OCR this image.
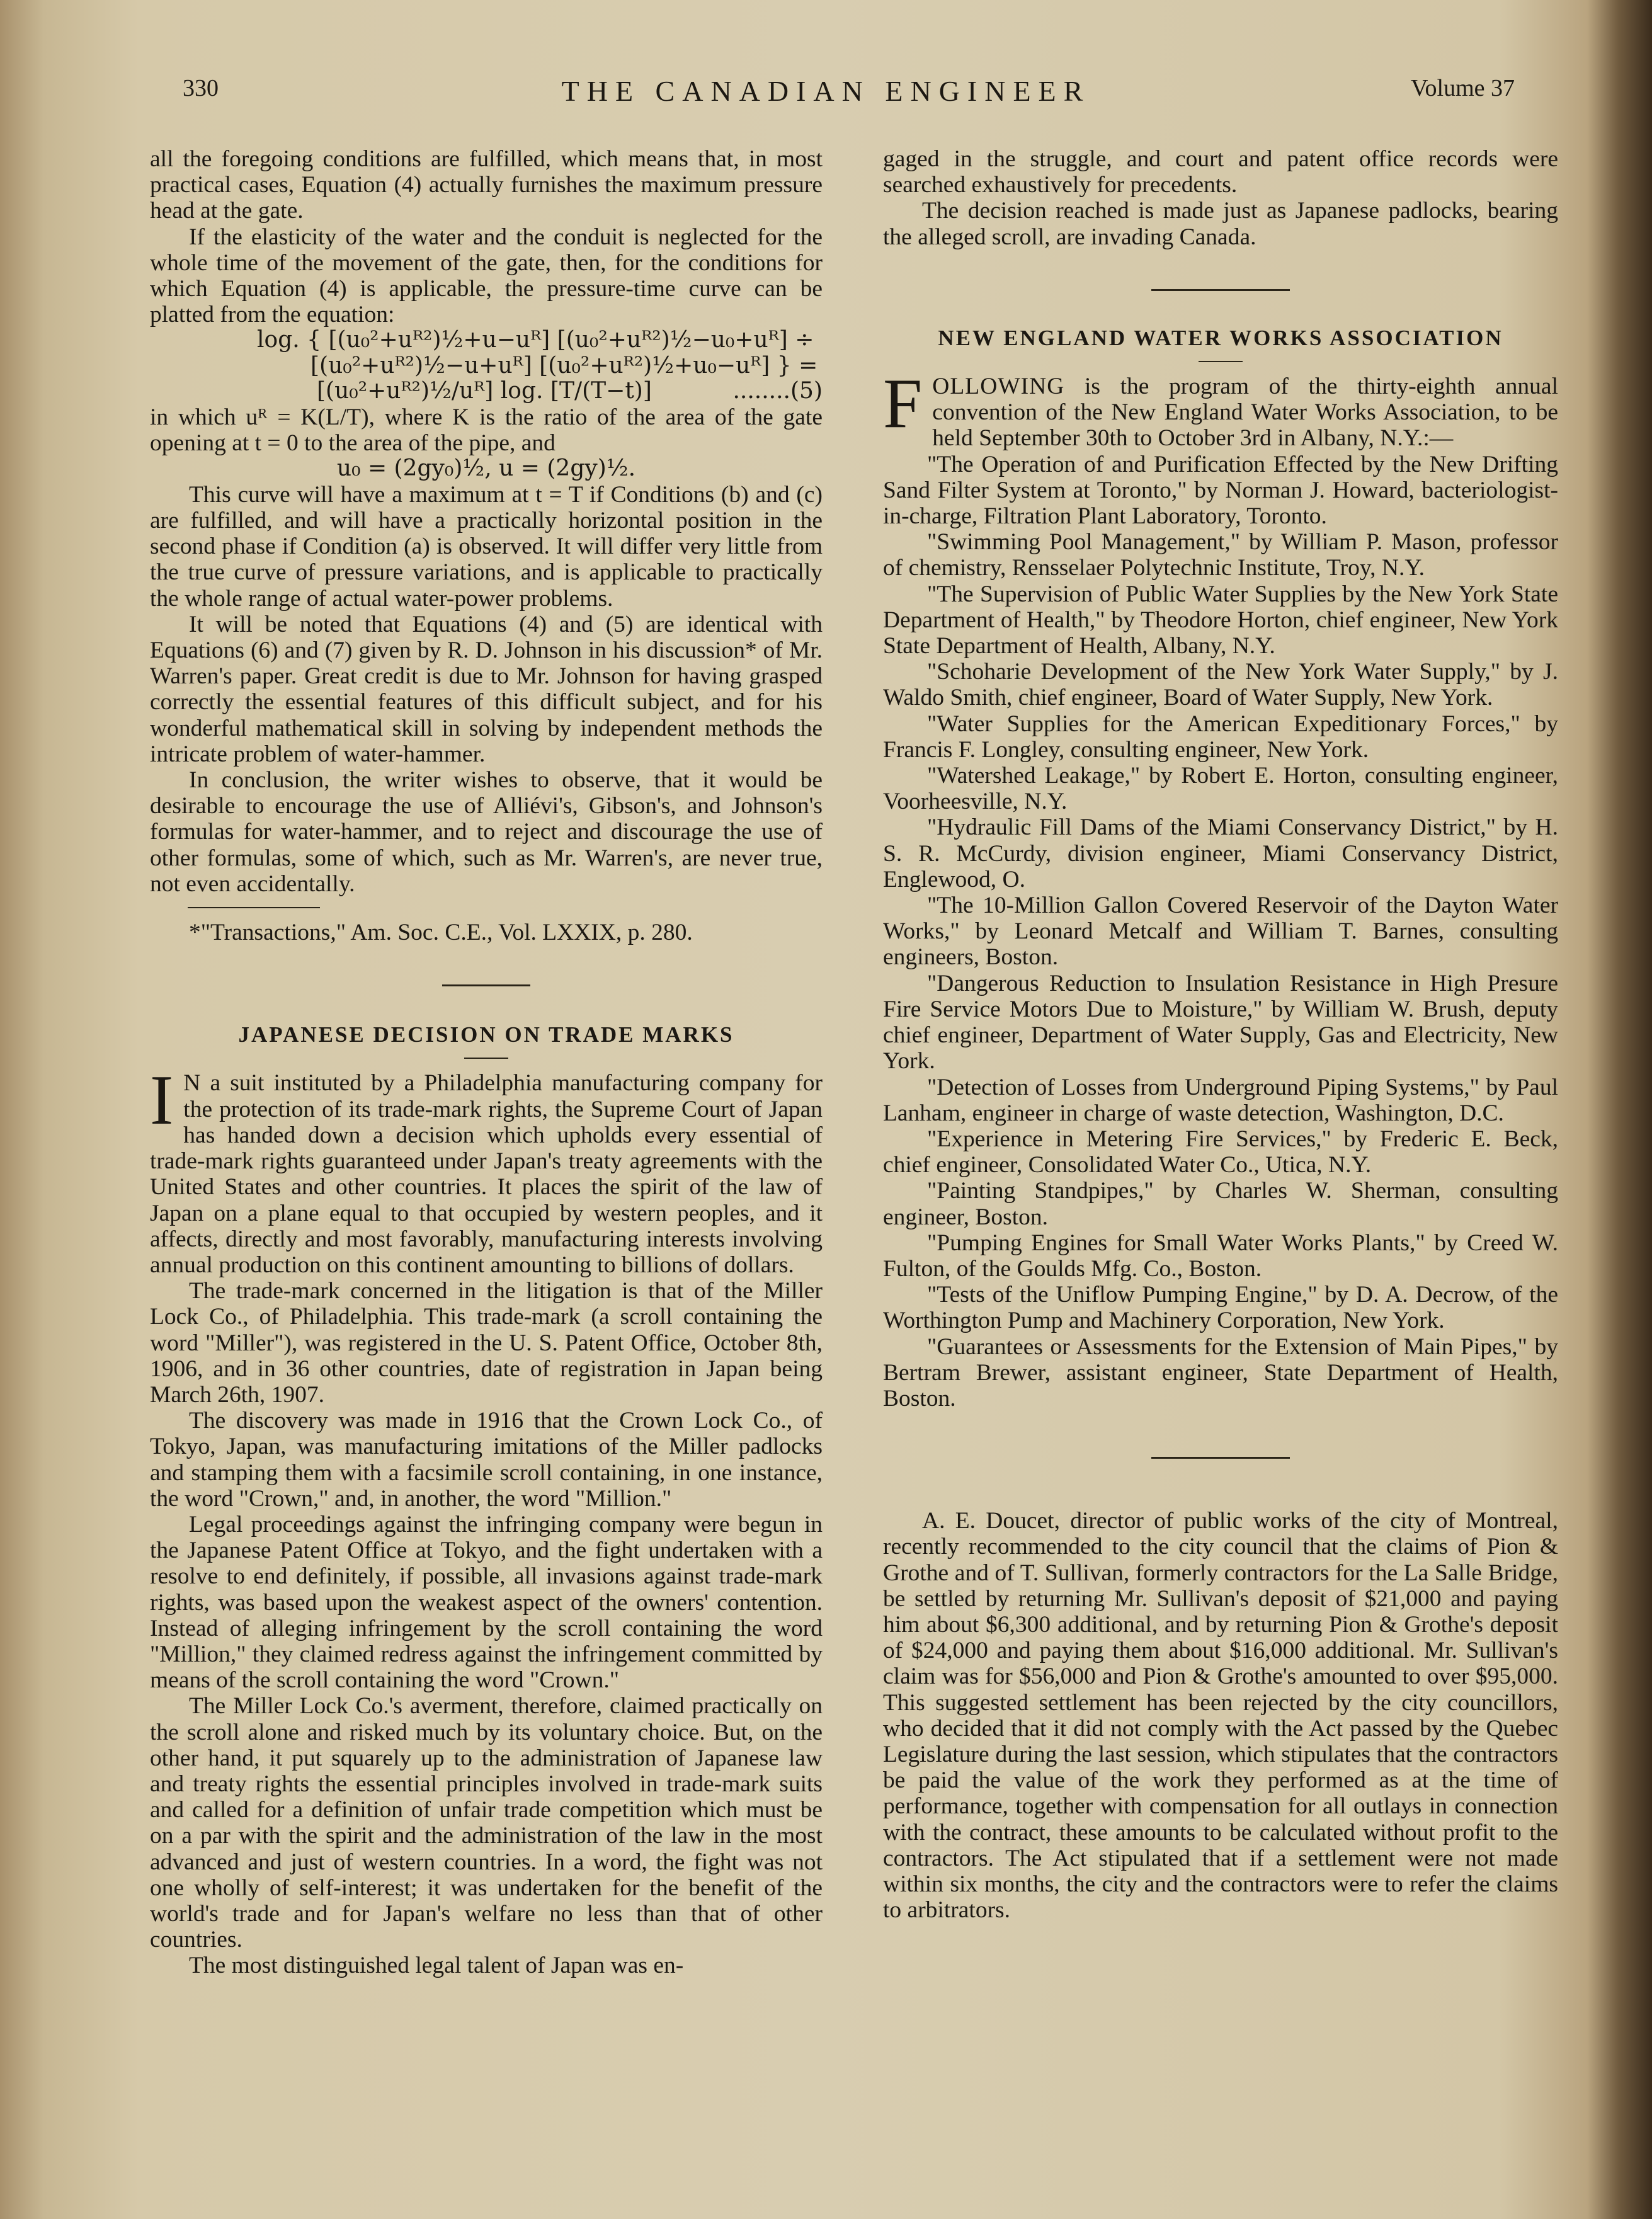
THE CANADIAN ENGINEER
330	Volume 37

all the foregoing conditions are fulfilled, which means that, in most practical cases, Equation (4) actually furnishes the maximum pressure head at the gate.

If the elasticity of the water and the conduit is neglected for the whole time of the movement of the gate, then, for the conditions for which Equation (4) is applicable, the pressure-time curve can be platted from the equation:

log. { [(u₀²+uᴿ²)½+u−uᴿ] [(u₀²+uᴿ²)½−u₀+uᴿ] ÷
[(u₀²+uᴿ²)½−u+uᴿ] [(u₀²+uᴿ²)½+u₀−uᴿ] } =
[(u₀²+uᴿ²)½/uᴿ] log. [T/(T−t)]	........(5)

in which uᴿ = K(L/T), where K is the ratio of the area of the gate opening at t = 0 to the area of the pipe, and

u₀ = (2gy₀)½, u = (2gy)½.

This curve will have a maximum at t = T if Conditions (b) and (c) are fulfilled, and will have a practically horizontal position in the second phase if Condition (a) is observed. It will differ very little from the true curve of pressure variations, and is applicable to practically the whole range of actual water-power problems.

It will be noted that Equations (4) and (5) are identical with Equations (6) and (7) given by R. D. Johnson in his discussion* of Mr. Warren's paper. Great credit is due to Mr. Johnson for having grasped correctly the essential features of this difficult subject, and for his wonderful mathematical skill in solving by independent methods the intricate problem of water-hammer.

In conclusion, the writer wishes to observe, that it would be desirable to encourage the use of Alliévi's, Gibson's, and Johnson's formulas for water-hammer, and to reject and discourage the use of other formulas, some of which, such as Mr. Warren's, are never true, not even accidentally.

*"Transactions," Am. Soc. C.E., Vol. LXXIX, p. 280.

JAPANESE DECISION ON TRADE MARKS

I N a suit instituted by a Philadelphia manufacturing company for the protection of its trade-mark rights, the Supreme Court of Japan has handed down a decision which upholds every essential of trade-mark rights guaranteed under Japan's treaty agreements with the United States and other countries. It places the spirit of the law of Japan on a plane equal to that occupied by western peoples, and it affects, directly and most favorably, manufacturing interests involving annual production on this continent amounting to billions of dollars.

The trade-mark concerned in the litigation is that of the Miller Lock Co., of Philadelphia. This trade-mark (a scroll containing the word "Miller"), was registered in the U. S. Patent Office, October 8th, 1906, and in 36 other countries, date of registration in Japan being March 26th, 1907.

The discovery was made in 1916 that the Crown Lock Co., of Tokyo, Japan, was manufacturing imitations of the Miller padlocks and stamping them with a facsimile scroll containing, in one instance, the word "Crown," and, in another, the word "Million."

Legal proceedings against the infringing company were begun in the Japanese Patent Office at Tokyo, and the fight undertaken with a resolve to end definitely, if possible, all invasions against trade-mark rights, was based upon the weakest aspect of the owners' contention. Instead of alleging infringement by the scroll containing the word "Million," they claimed redress against the infringement committed by means of the scroll containing the word "Crown."

The Miller Lock Co.'s averment, therefore, claimed practically on the scroll alone and risked much by its voluntary choice. But, on the other hand, it put squarely up to the administration of Japanese law and treaty rights the essential principles involved in trade-mark suits and called for a definition of unfair trade competition which must be on a par with the spirit and the administration of the law in the most advanced and just of western countries. In a word, the fight was not one wholly of self-interest; it was undertaken for the benefit of the world's trade and for Japan's welfare no less than that of other countries.

The most distinguished legal talent of Japan was en-

gaged in the struggle, and court and patent office records were searched exhaustively for precedents.

The decision reached is made just as Japanese padlocks, bearing the alleged scroll, are invading Canada.

NEW ENGLAND WATER WORKS ASSOCIATION

FOLLOWING is the program of the thirty-eighth annual convention of the New England Water Works Association, to be held September 30th to October 3rd in Albany, N.Y.:—

"The Operation of and Purification Effected by the New Drifting Sand Filter System at Toronto," by Norman J. Howard, bacteriologist-in-charge, Filtration Plant Laboratory, Toronto.

"Swimming Pool Management," by William P. Mason, professor of chemistry, Rensselaer Polytechnic Institute, Troy, N.Y.

"The Supervision of Public Water Supplies by the New York State Department of Health," by Theodore Horton, chief engineer, New York State Department of Health, Albany, N.Y.

"Schoharie Development of the New York Water Supply," by J. Waldo Smith, chief engineer, Board of Water Supply, New York.

"Water Supplies for the American Expeditionary Forces," by Francis F. Longley, consulting engineer, New York.

"Watershed Leakage," by Robert E. Horton, consulting engineer, Voorheesville, N.Y.

"Hydraulic Fill Dams of the Miami Conservancy District," by H. S. R. McCurdy, division engineer, Miami Conservancy District, Englewood, O.

"The 10-Million Gallon Covered Reservoir of the Dayton Water Works," by Leonard Metcalf and William T. Barnes, consulting engineers, Boston.

"Dangerous Reduction to Insulation Resistance in High Presure Fire Service Motors Due to Moisture," by William W. Brush, deputy chief engineer, Department of Water Supply, Gas and Electricity, New York.

"Detection of Losses from Underground Piping Systems," by Paul Lanham, engineer in charge of waste detection, Washington, D.C.

"Experience in Metering Fire Services," by Frederic E. Beck, chief engineer, Consolidated Water Co., Utica, N.Y.

"Painting Standpipes," by Charles W. Sherman, consulting engineer, Boston.

"Pumping Engines for Small Water Works Plants," by Creed W. Fulton, of the Goulds Mfg. Co., Boston.

"Tests of the Uniflow Pumping Engine," by D. A. Decrow, of the Worthington Pump and Machinery Corporation, New York.

"Guarantees or Assessments for the Extension of Main Pipes," by Bertram Brewer, assistant engineer, State Department of Health, Boston.

A. E. Doucet, director of public works of the city of Montreal, recently recommended to the city council that the claims of Pion & Grothe and of T. Sullivan, formerly contractors for the La Salle Bridge, be settled by returning Mr. Sullivan's deposit of $21,000 and paying him about $6,300 additional, and by returning Pion & Grothe's deposit of $24,000 and paying them about $16,000 additional. Mr. Sullivan's claim was for $56,000 and Pion & Grothe's amounted to over $95,000. This suggested settlement has been rejected by the city councillors, who decided that it did not comply with the Act passed by the Quebec Legislature during the last session, which stipulates that the contractors be paid the value of the work they performed as at the time of performance, together with compensation for all outlays in connection with the contract, these amounts to be calculated without profit to the contractors. The Act stipulated that if a settlement were not made within six months, the city and the contractors were to refer the claims to arbitrators.
